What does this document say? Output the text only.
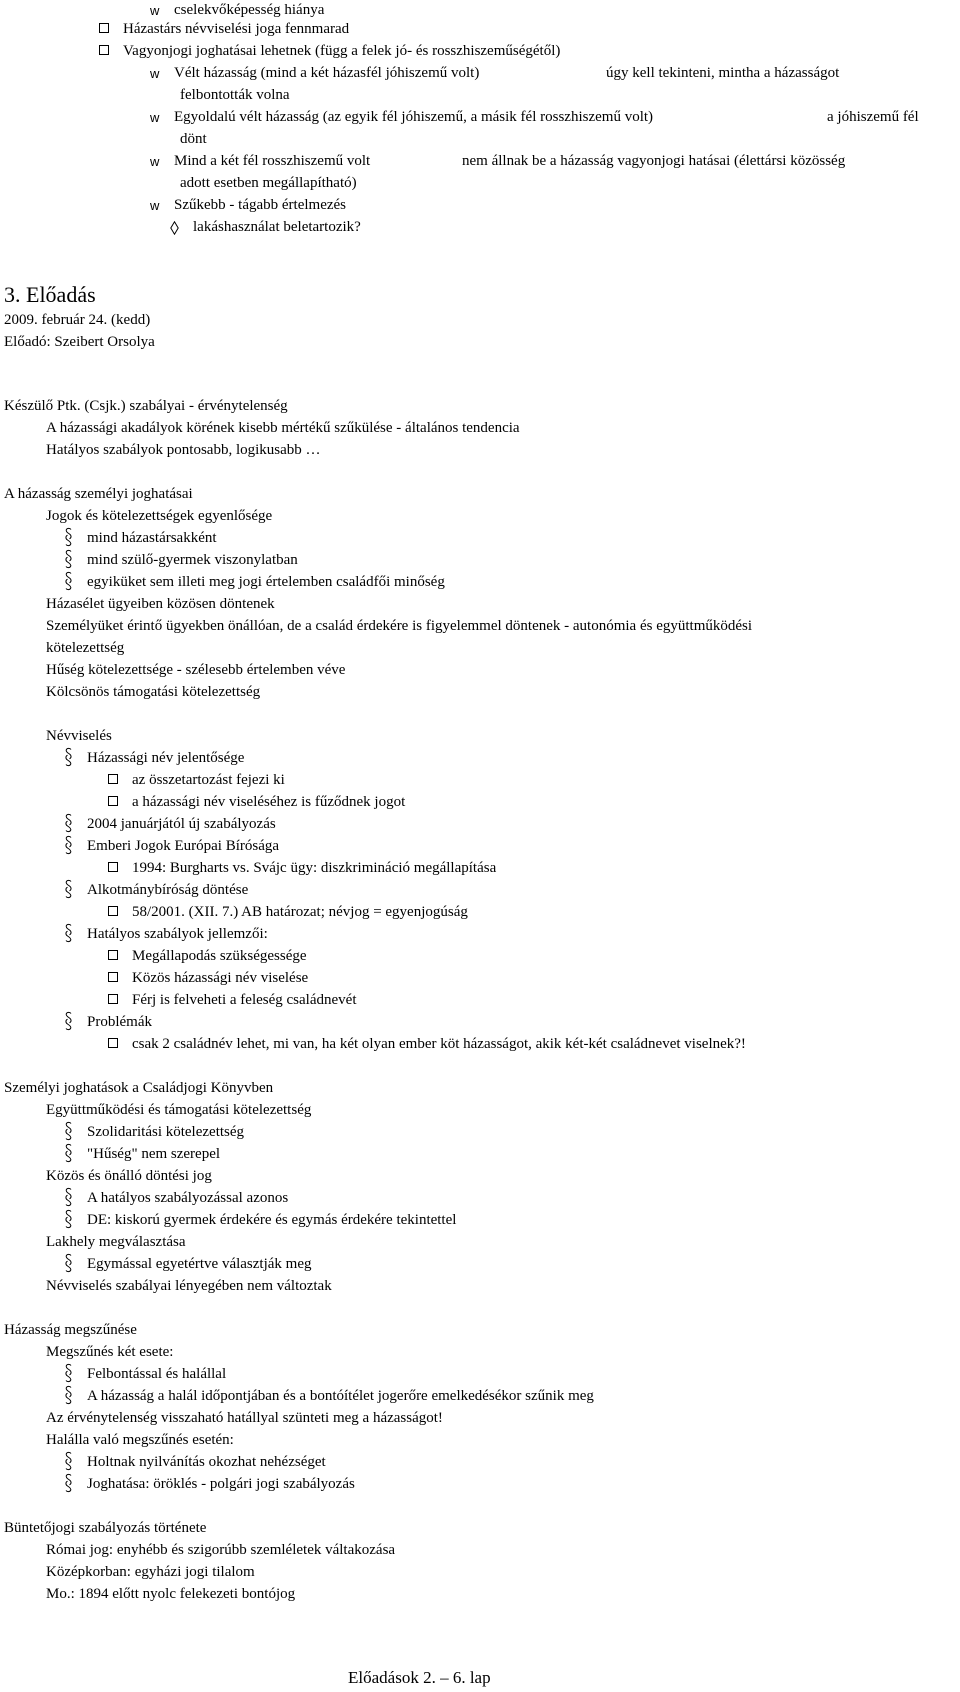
w cselekvőképesség hiánya
Házastárs névviselési joga fennmarad
Vagyonjogi joghatásai lehetnek (függ a felek jó- és rosszhiszeműségétől)
w Vélt házasság (mind a két házasfél jóhiszemű volt)	úgy kell tekinteni, mintha a házasságot
felbontották volna
w Egyoldalú vélt házasság (az egyik fél jóhiszemű, a másik fél rosszhiszemű volt)	a jóhiszemű fél
dönt
w Mind a két fél rosszhiszemű volt	nem állnak be a házasság vagyonjogi hatásai (élettársi közösség
adott esetben megállapítható)
w Szűkebb - tágabb értelmezés
lakáshasználat beletartozik?
3. Előadás
2009. február 24. (kedd)
Előadó: Szeibert Orsolya
Készülő Ptk. (Csjk.) szabályai - érvénytelenség
A házassági akadályok körének kisebb mértékű szűkülése - általános tendencia
Hatályos szabályok pontosabb, logikusabb …
A házasság személyi joghatásai
Jogok és kötelezettségek egyenlősége
mind házastársakként
mind szülő-gyermek viszonylatban
egyiküket sem illeti meg jogi értelemben családfői minőség
Házasélet ügyeiben közösen döntenek
Személyüket érintő ügyekben önállóan, de a család érdekére is figyelemmel döntenek - autonómia és együttműködési
kötelezettség
Hűség kötelezettsége - szélesebb értelemben véve
Kölcsönös támogatási kötelezettség
Névviselés
Házassági név jelentősége
az összetartozást fejezi ki
a házassági név viseléséhez is fűződnek jogot
2004 januárjától új szabályozás
Emberi Jogok Európai Bírósága
1994: Burgharts vs. Svájc ügy: diszkrimináció megállapítása
Alkotmánybíróság döntése
58/2001. (XII. 7.) AB határozat; névjog = egyenjogúság
Hatályos szabályok jellemzői:
Megállapodás szükségessége
Közös házassági név viselése
Férj is felveheti a feleség családnevét
Problémák
csak 2 családnév lehet, mi van, ha két olyan ember köt házasságot, akik két-két családnevet viselnek?!
Személyi joghatások a Családjogi Könyvben
Együttműködési és támogatási kötelezettség
Szolidaritási kötelezettség
"Hűség" nem szerepel
Közös és önálló döntési jog
A hatályos szabályozással azonos
DE: kiskorú gyermek érdekére és egymás érdekére tekintettel
Lakhely megválasztása
Egymással egyetértve választják meg
Névviselés szabályai lényegében nem változtak
Házasság megszűnése
Megszűnés két esete:
Felbontással és halállal
A házasság a halál időpontjában és a bontóítélet jogerőre emelkedésékor szűnik meg
Az érvénytelenség visszaható hatállyal szünteti meg a házasságot!
Halálla való megszűnés esetén:
Holtnak nyilvánítás okozhat nehézséget
Joghatása: öröklés - polgári jogi szabályozás
Büntetőjogi szabályozás története
Római jog: enyhébb és szigorúbb szemléletek váltakozása
Középkorban: egyházi jogi tilalom
Mo.: 1894 előtt nyolc felekezeti bontójog
Előadások 2. – 6. lap
